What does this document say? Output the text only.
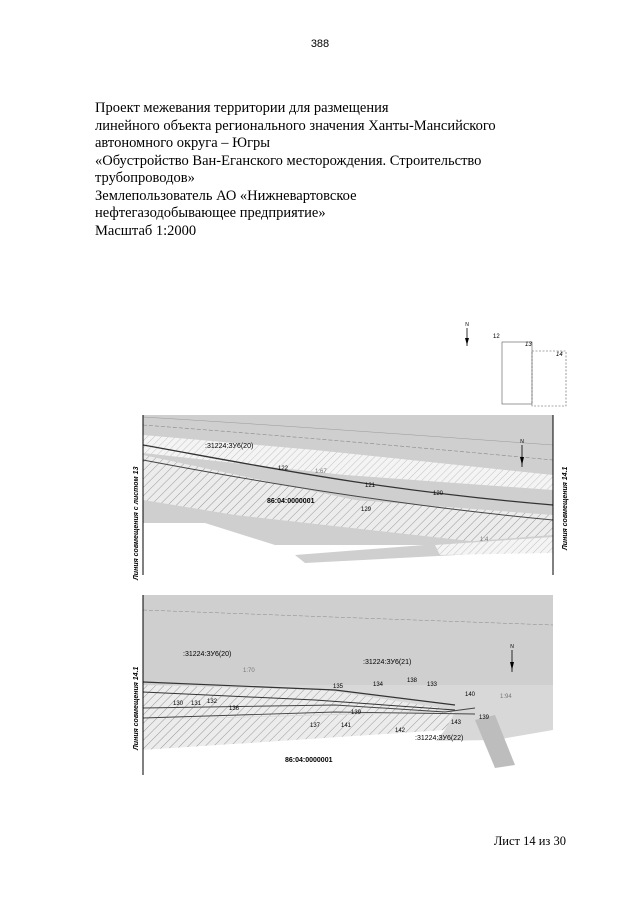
388
Проект межевания территории для размещения
линейного объекта регионального значения Ханты-Мансийского
автономного округа – Югры
«Обустройство Ван-Еганского месторождения. Строительство
трубопроводов»
Землепользователь АО «Нижневартовское
нефтегазодобывающее предприятие»
Масштаб 1:2000
N
12
13
14
Линия совмещения с листом 13	Линия совмещения 14.1
N
:31224:ЗУ6(20)
122	1:67
121
120
86:04:0000001
129
1:4
Линия совмещения 14.1
N
:31224:ЗУ6(20)
1:70
:31224:ЗУ6(21)
130 131 132
136
135	134	133
138
139
140	1:94
137	141
142
143
139
:31224:ЗУ6(22)
86:04:0000001
Лист 14 из 30
